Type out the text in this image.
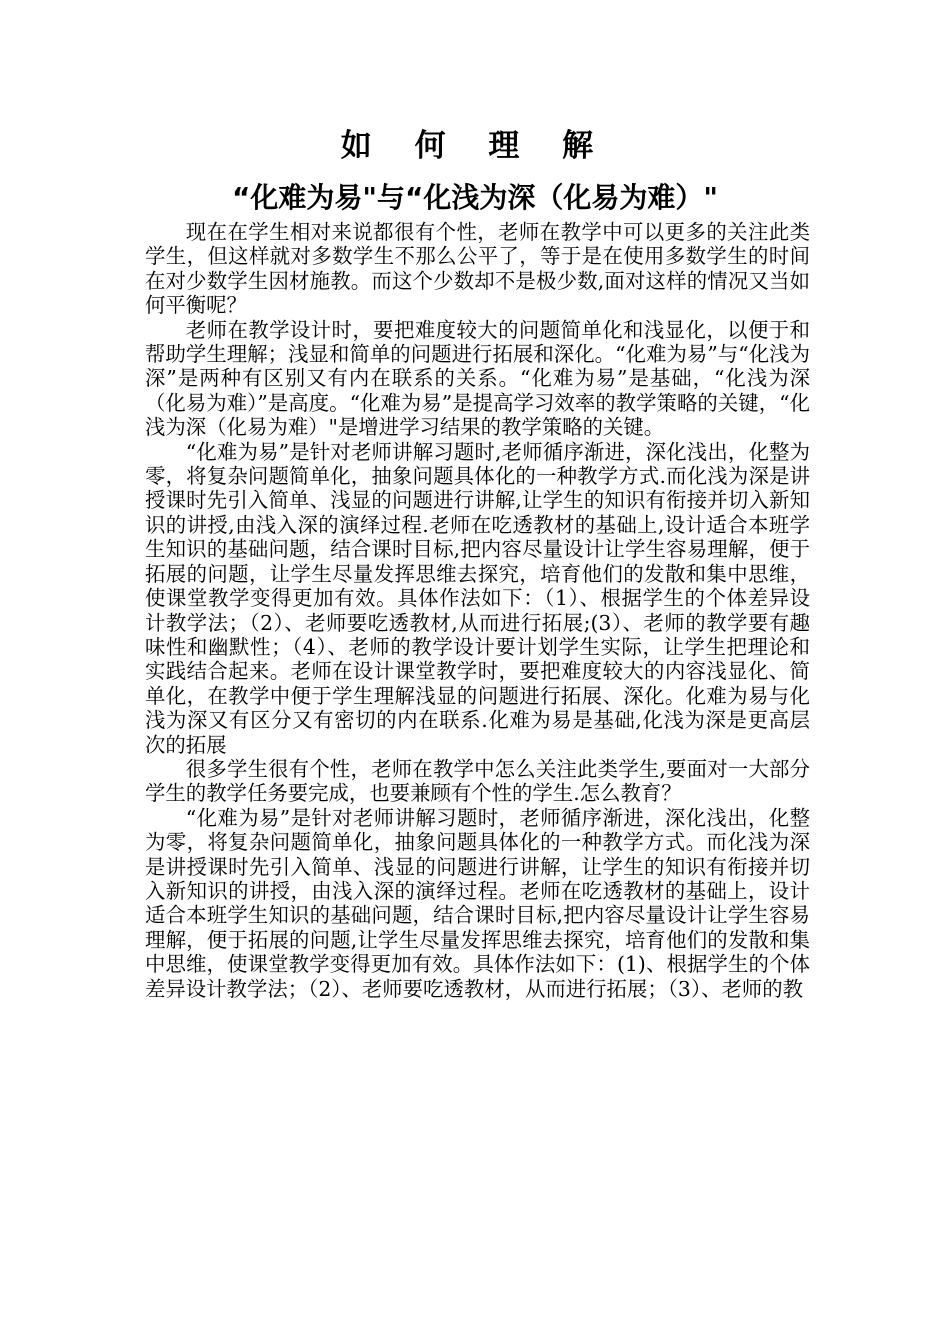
如 何 理 解
“化难为易"与“化浅为深（化易为难）"

现在在学生相对来说都很有个性，老师在教学中可以更多的关注此类学生，但这样就对多数学生不那么公平了，等于是在使用多数学生的时间在对少数学生因材施教。而这个少数却不是极少数,面对这样的情况又当如何平衡呢？

老师在教学设计时，要把难度较大的问题简单化和浅显化，以便于和帮助学生理解；浅显和简单的问题进行拓展和深化。“化难为易”与“化浅为深”是两种有区别又有内在联系的关系。“化难为易”是基础，“化浅为深（化易为难）”是高度。“化难为易”是提高学习效率的教学策略的关键，“化浅为深（化易为难）"是增进学习结果的教学策略的关键。

“化难为易”是针对老师讲解习题时,老师循序渐进，深化浅出，化整为零，将复杂问题简单化，抽象问题具体化的一种教学方式.而化浅为深是讲授课时先引入简单、浅显的问题进行讲解,让学生的知识有衔接并切入新知识的讲授,由浅入深的演绎过程.老师在吃透教材的基础上,设计适合本班学生知识的基础问题，结合课时目标,把内容尽量设计让学生容易理解，便于拓展的问题，让学生尽量发挥思维去探究，培育他们的发散和集中思维，使课堂教学变得更加有效。具体作法如下：（1）、根据学生的个体差异设计教学法；（2）、老师要吃透教材,从而进行拓展;(3）、老师的教学要有趣味性和幽默性；（4）、老师的教学设计要计划学生实际，让学生把理论和实践结合起来。老师在设计课堂教学时，要把难度较大的内容浅显化、简单化，在教学中便于学生理解浅显的问题进行拓展、深化。化难为易与化浅为深又有区分又有密切的内在联系.化难为易是基础,化浅为深是更高层次的拓展

很多学生很有个性，老师在教学中怎么关注此类学生,要面对一大部分学生的教学任务要完成，也要兼顾有个性的学生.怎么教育？

“化难为易”是针对老师讲解习题时，老师循序渐进，深化浅出，化整为零，将复杂问题简单化，抽象问题具体化的一种教学方式。而化浅为深是讲授课时先引入简单、浅显的问题进行讲解，让学生的知识有衔接并切入新知识的讲授，由浅入深的演绎过程。老师在吃透教材的基础上，设计适合本班学生知识的基础问题，结合课时目标,把内容尽量设计让学生容易理解，便于拓展的问题,让学生尽量发挥思维去探究，培育他们的发散和集中思维，使课堂教学变得更加有效。具体作法如下：(1)、根据学生的个体差异设计教学法；（2）、老师要吃透教材，从而进行拓展；（3）、老师的教
